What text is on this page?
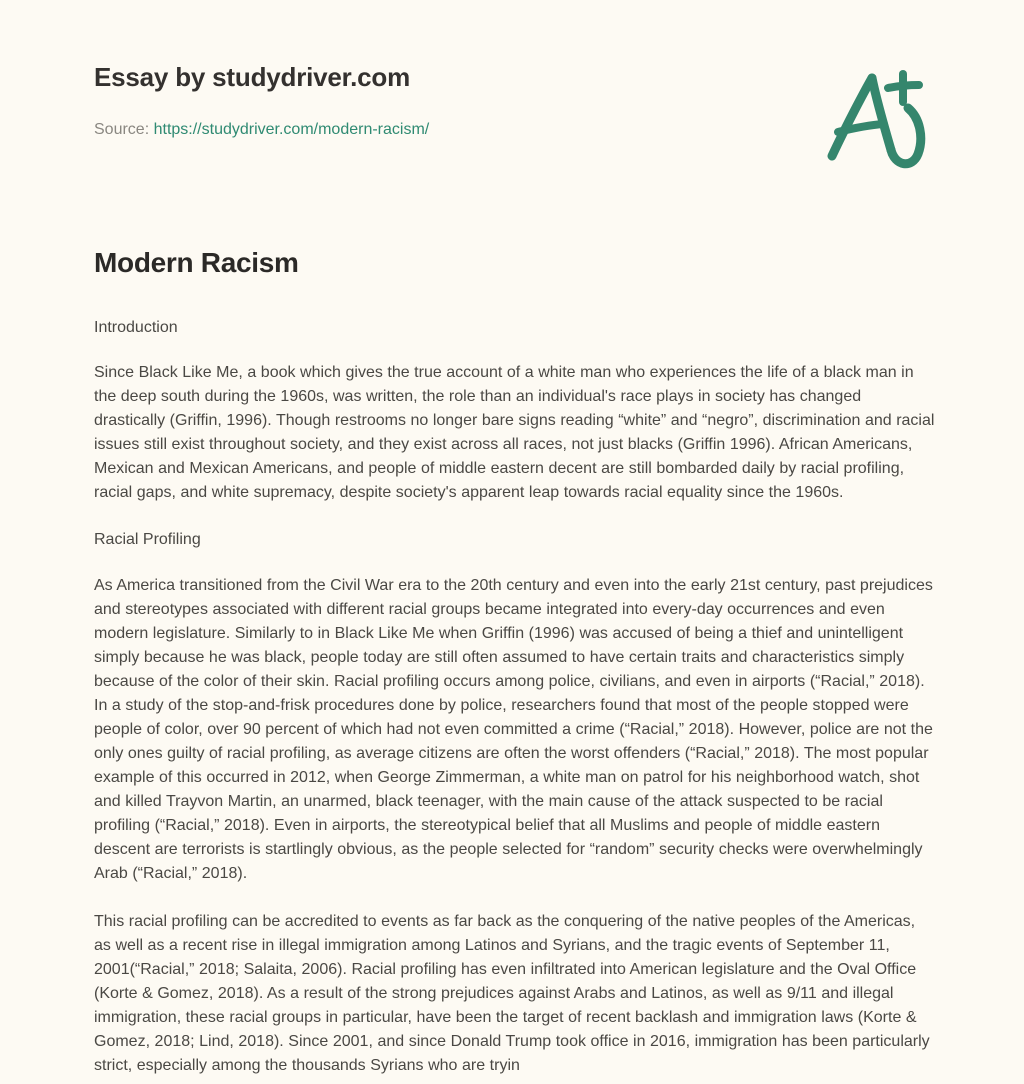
Essay by studydriver.com
Source: https://studydriver.com/modern-racism/
Modern Racism
Introduction

Since Black Like Me, a book which gives the true account of a white man who experiences the life of a black man in the deep south during the 1960s, was written, the role than an individual's race plays in society has changed drastically (Griffin, 1996). Though restrooms no longer bare signs reading “white” and “negro”, discrimination and racial issues still exist throughout society, and they exist across all races, not just blacks (Griffin 1996). African Americans, Mexican and Mexican Americans, and people of middle eastern decent are still bombarded daily by racial profiling, racial gaps, and white supremacy, despite society's apparent leap towards racial equality since the 1960s.

Racial Profiling

As America transitioned from the Civil War era to the 20th century and even into the early 21st century, past prejudices and stereotypes associated with different racial groups became integrated into every-day occurrences and even modern legislature. Similarly to in Black Like Me when Griffin (1996) was accused of being a thief and unintelligent simply because he was black, people today are still often assumed to have certain traits and characteristics simply because of the color of their skin. Racial profiling occurs among police, civilians, and even in airports (“Racial,” 2018). In a study of the stop-and-frisk procedures done by police, researchers found that most of the people stopped were people of color, over 90 percent of which had not even committed a crime (“Racial,” 2018). However, police are not the only ones guilty of racial profiling, as average citizens are often the worst offenders (“Racial,” 2018). The most popular example of this occurred in 2012, when George Zimmerman, a white man on patrol for his neighborhood watch, shot and killed Trayvon Martin, an unarmed, black teenager, with the main cause of the attack suspected to be racial profiling (“Racial,” 2018). Even in airports, the stereotypical belief that all Muslims and people of middle eastern descent are terrorists is startlingly obvious, as the people selected for “random” security checks were overwhelmingly Arab (“Racial,” 2018).

This racial profiling can be accredited to events as far back as the conquering of the native peoples of the Americas, as well as a recent rise in illegal immigration among Latinos and Syrians, and the tragic events of September 11, 2001(“Racial,” 2018; Salaita, 2006). Racial profiling has even infiltrated into American legislature and the Oval Office (Korte & Gomez, 2018). As a result of the strong prejudices against Arabs and Latinos, as well as 9/11 and illegal immigration, these racial groups in particular, have been the target of recent backlash and immigration laws (Korte & Gomez, 2018; Lind, 2018). Since 2001, and since Donald Trump took office in 2016, immigration has been particularly strict, especially among the thousands Syrians who are tryin
